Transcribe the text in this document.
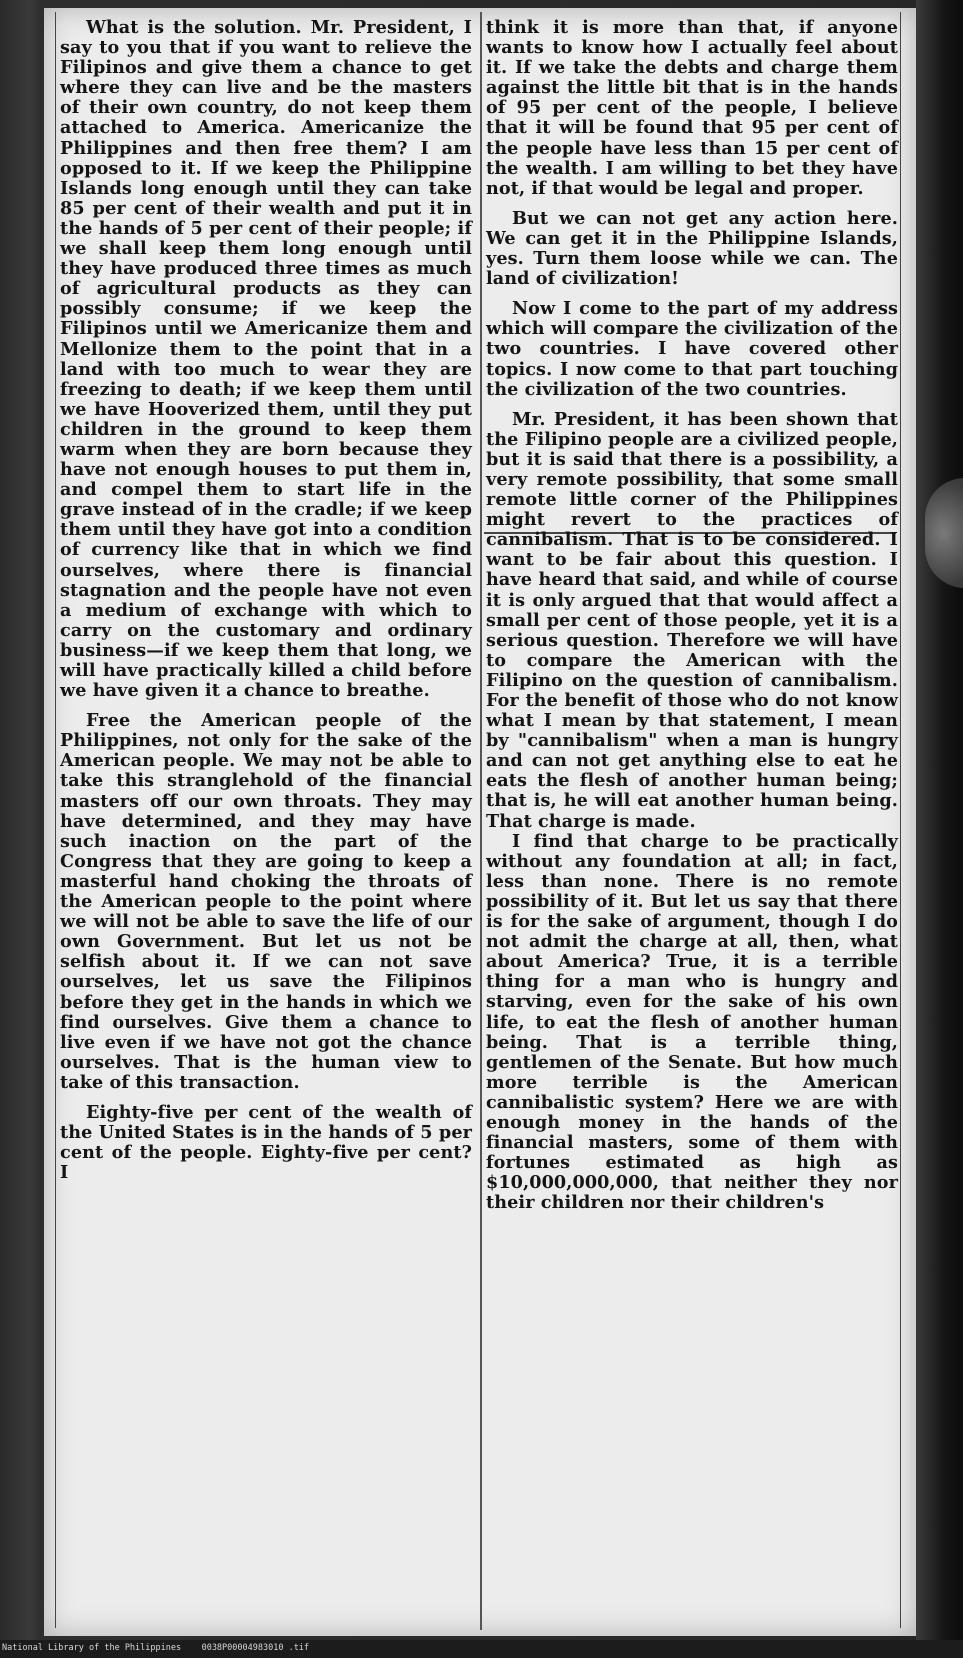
What is the solution. Mr. President, I say to you that if you want to relieve the Filipinos and give them a chance to get where they can live and be the masters of their own country, do not keep them attached to America. Americanize the Philippines and then free them? I am opposed to it. If we keep the Philippine Islands long enough until they can take 85 per cent of their wealth and put it in the hands of 5 per cent of their people; if we shall keep them long enough until they have produced three times as much of agricultural products as they can possibly consume; if we keep the Filipinos until we Americanize them and Mellonize them to the point that in a land with too much to wear they are freezing to death; if we keep them until we have Hooverized them, until they put children in the ground to keep them warm when they are born because they have not enough houses to put them in, and compel them to start life in the grave instead of in the cradle; if we keep them until they have got into a condition of currency like that in which we find ourselves, where there is financial stagnation and the people have not even a medium of exchange with which to carry on the customary and ordinary business—if we keep them that long, we will have practically killed a child before we have given it a chance to breathe.

Free the American people of the Philippines, not only for the sake of the American people. We may not be able to take this stranglehold of the financial masters off our own throats. They may have determined, and they may have such inaction on the part of the Congress that they are going to keep a masterful hand choking the throats of the American people to the point where we will not be able to save the life of our own Government. But let us not be selfish about it. If we can not save ourselves, let us save the Filipinos before they get in the hands in which we find ourselves. Give them a chance to live even if we have not got the chance ourselves. That is the human view to take of this transaction.

Eighty-five per cent of the wealth of the United States is in the hands of 5 per cent of the people. Eighty-five per cent? I

think it is more than that, if anyone wants to know how I actually feel about it. If we take the debts and charge them against the little bit that is in the hands of 95 per cent of the people, I believe that it will be found that 95 per cent of the people have less than 15 per cent of the wealth. I am willing to bet they have not, if that would be legal and proper.

But we can not get any action here. We can get it in the Philippine Islands, yes. Turn them loose while we can. The land of civilization!

Now I come to the part of my address which will compare the civilization of the two countries. I have covered other topics. I now come to that part touching the civilization of the two countries.

Mr. President, it has been shown that the Filipino people are a civilized people, but it is said that there is a possibility, a very remote possibility, that some small remote little corner of the Philippines might revert to the practices of cannibalism. That is to be considered. I want to be fair about this question. I have heard that said, and while of course it is only argued that that would affect a small per cent of those people, yet it is a serious question. Therefore we will have to compare the American with the Filipino on the question of cannibalism. For the benefit of those who do not know what I mean by that statement, I mean by "cannibalism" when a man is hungry and can not get anything else to eat he eats the flesh of another human being; that is, he will eat another human being. That charge is made.

I find that charge to be practically without any foundation at all; in fact, less than none. There is no remote possibility of it. But let us say that there is for the sake of argument, though I do not admit the charge at all, then, what about America? True, it is a terrible thing for a man who is hungry and starving, even for the sake of his own life, to eat the flesh of another human being. That is a terrible thing, gentlemen of the Senate. But how much more terrible is the American cannibalistic system? Here we are with enough money in the hands of the financial masters, some of them with fortunes estimated as high as $10,000,000,000, that neither they nor their children nor their children's

National Library of the Philippines    0038P00004983010 .tif
